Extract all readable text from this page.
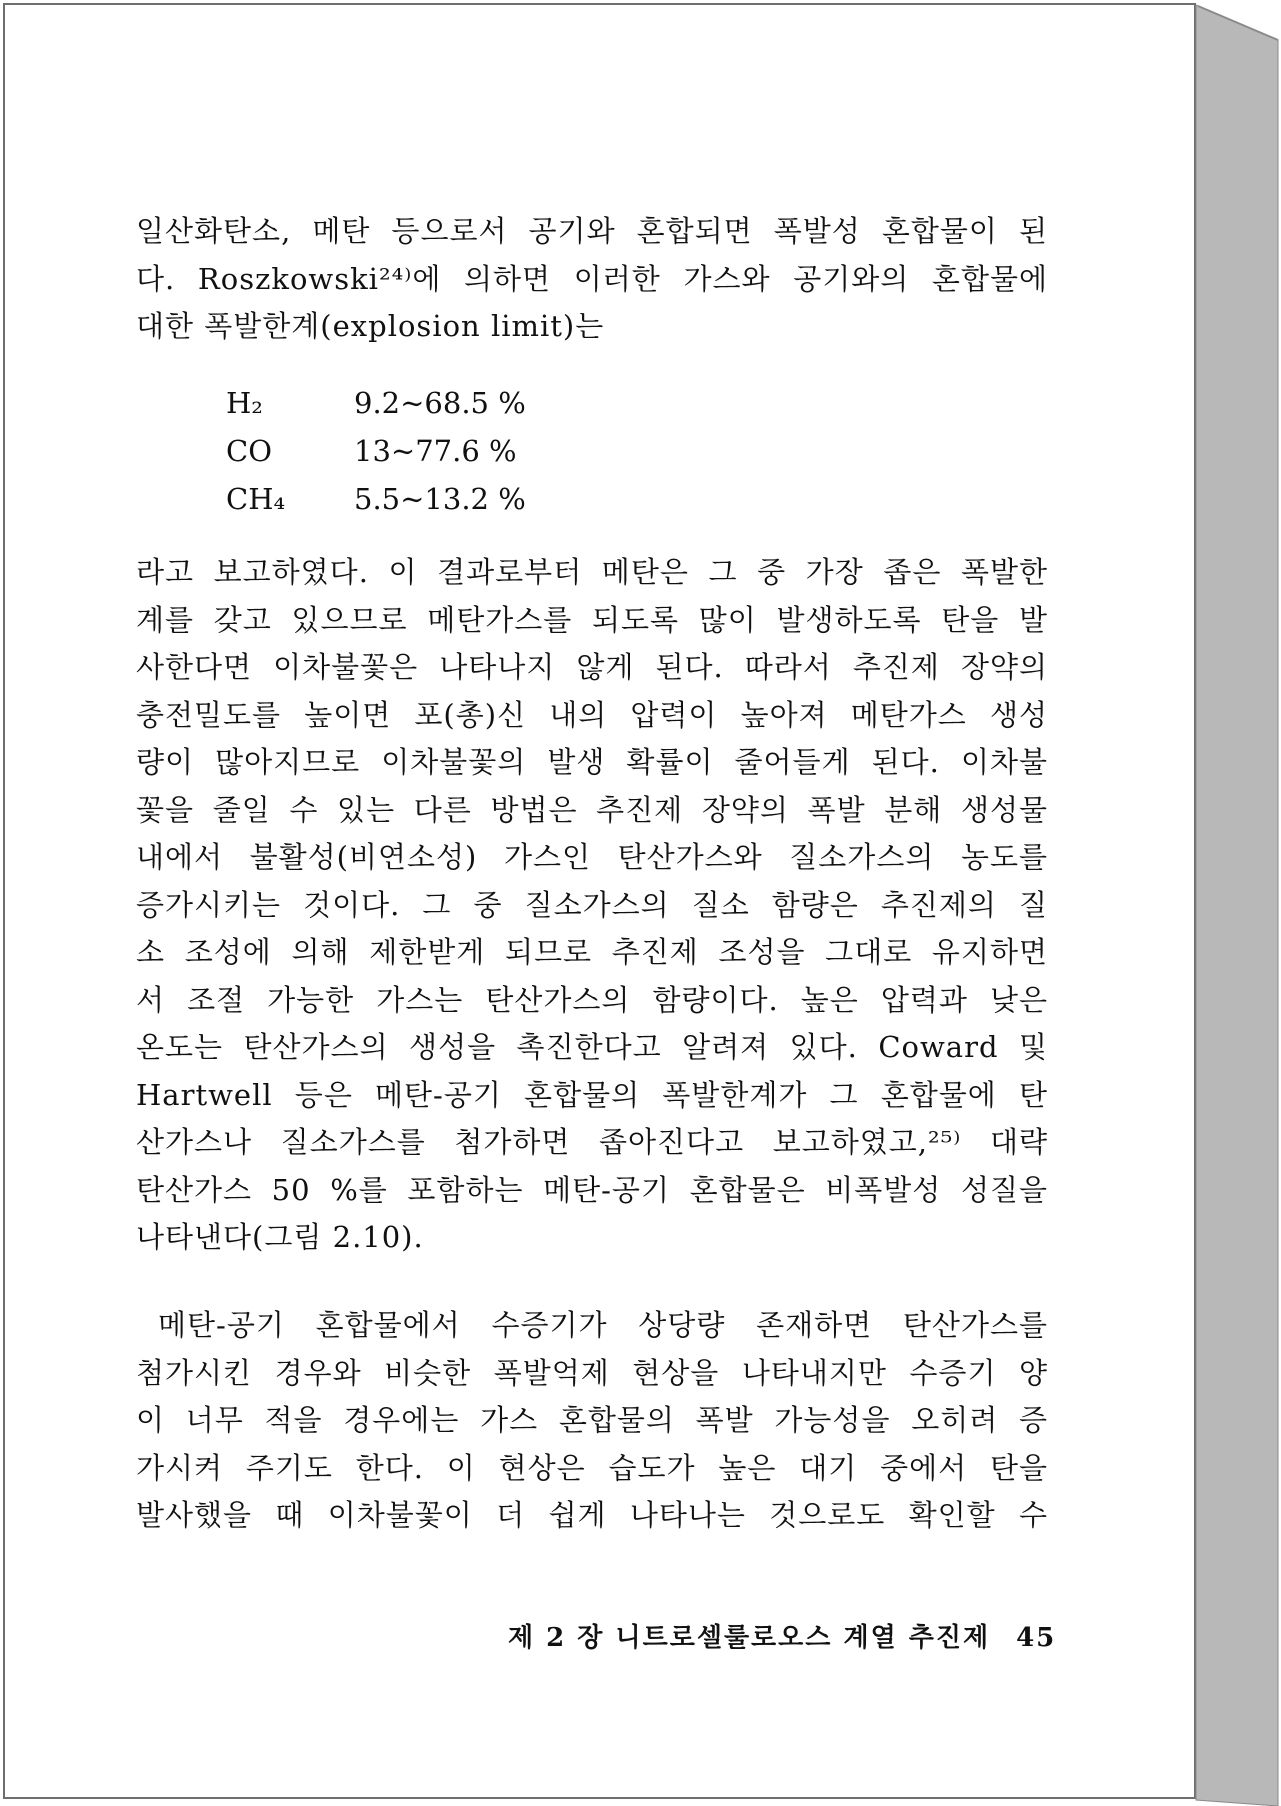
일산화탄소, 메탄 등으로서 공기와 혼합되면 폭발성 혼합물이 된
다. Roszkowski²⁴⁾에 의하면 이러한 가스와 공기와의 혼합물에
대한 폭발한계(explosion limit)는
H₂	9.2∼68.5 %
CO	13∼77.6 %
CH₄	5.5∼13.2 %
라고 보고하였다. 이 결과로부터 메탄은 그 중 가장 좁은 폭발한
계를 갖고 있으므로 메탄가스를 되도록 많이 발생하도록 탄을 발
사한다면 이차불꽃은 나타나지 않게 된다. 따라서 추진제 장약의
충전밀도를 높이면 포(총)신 내의 압력이 높아져 메탄가스 생성
량이 많아지므로 이차불꽃의 발생 확률이 줄어들게 된다. 이차불
꽃을 줄일 수 있는 다른 방법은 추진제 장약의 폭발 분해 생성물
내에서 불활성(비연소성) 가스인 탄산가스와 질소가스의 농도를
증가시키는 것이다. 그 중 질소가스의 질소 함량은 추진제의 질
소 조성에 의해 제한받게 되므로 추진제 조성을 그대로 유지하면
서 조절 가능한 가스는 탄산가스의 함량이다. 높은 압력과 낮은
온도는 탄산가스의 생성을 촉진한다고 알려져 있다. Coward 및
Hartwell 등은 메탄-공기 혼합물의 폭발한계가 그 혼합물에 탄
산가스나 질소가스를 첨가하면 좁아진다고 보고하였고,²⁵⁾ 대략
탄산가스 50 %를 포함하는 메탄-공기 혼합물은 비폭발성 성질을
나타낸다(그림 2.10).
메탄-공기 혼합물에서 수증기가 상당량 존재하면 탄산가스를
첨가시킨 경우와 비슷한 폭발억제 현상을 나타내지만 수증기 양
이 너무 적을 경우에는 가스 혼합물의 폭발 가능성을 오히려 증
가시켜 주기도 한다. 이 현상은 습도가 높은 대기 중에서 탄을
발사했을 때 이차불꽃이 더 쉽게 나타나는 것으로도 확인할 수
제 2 장 니트로셀룰로오스 계열 추진제 45
